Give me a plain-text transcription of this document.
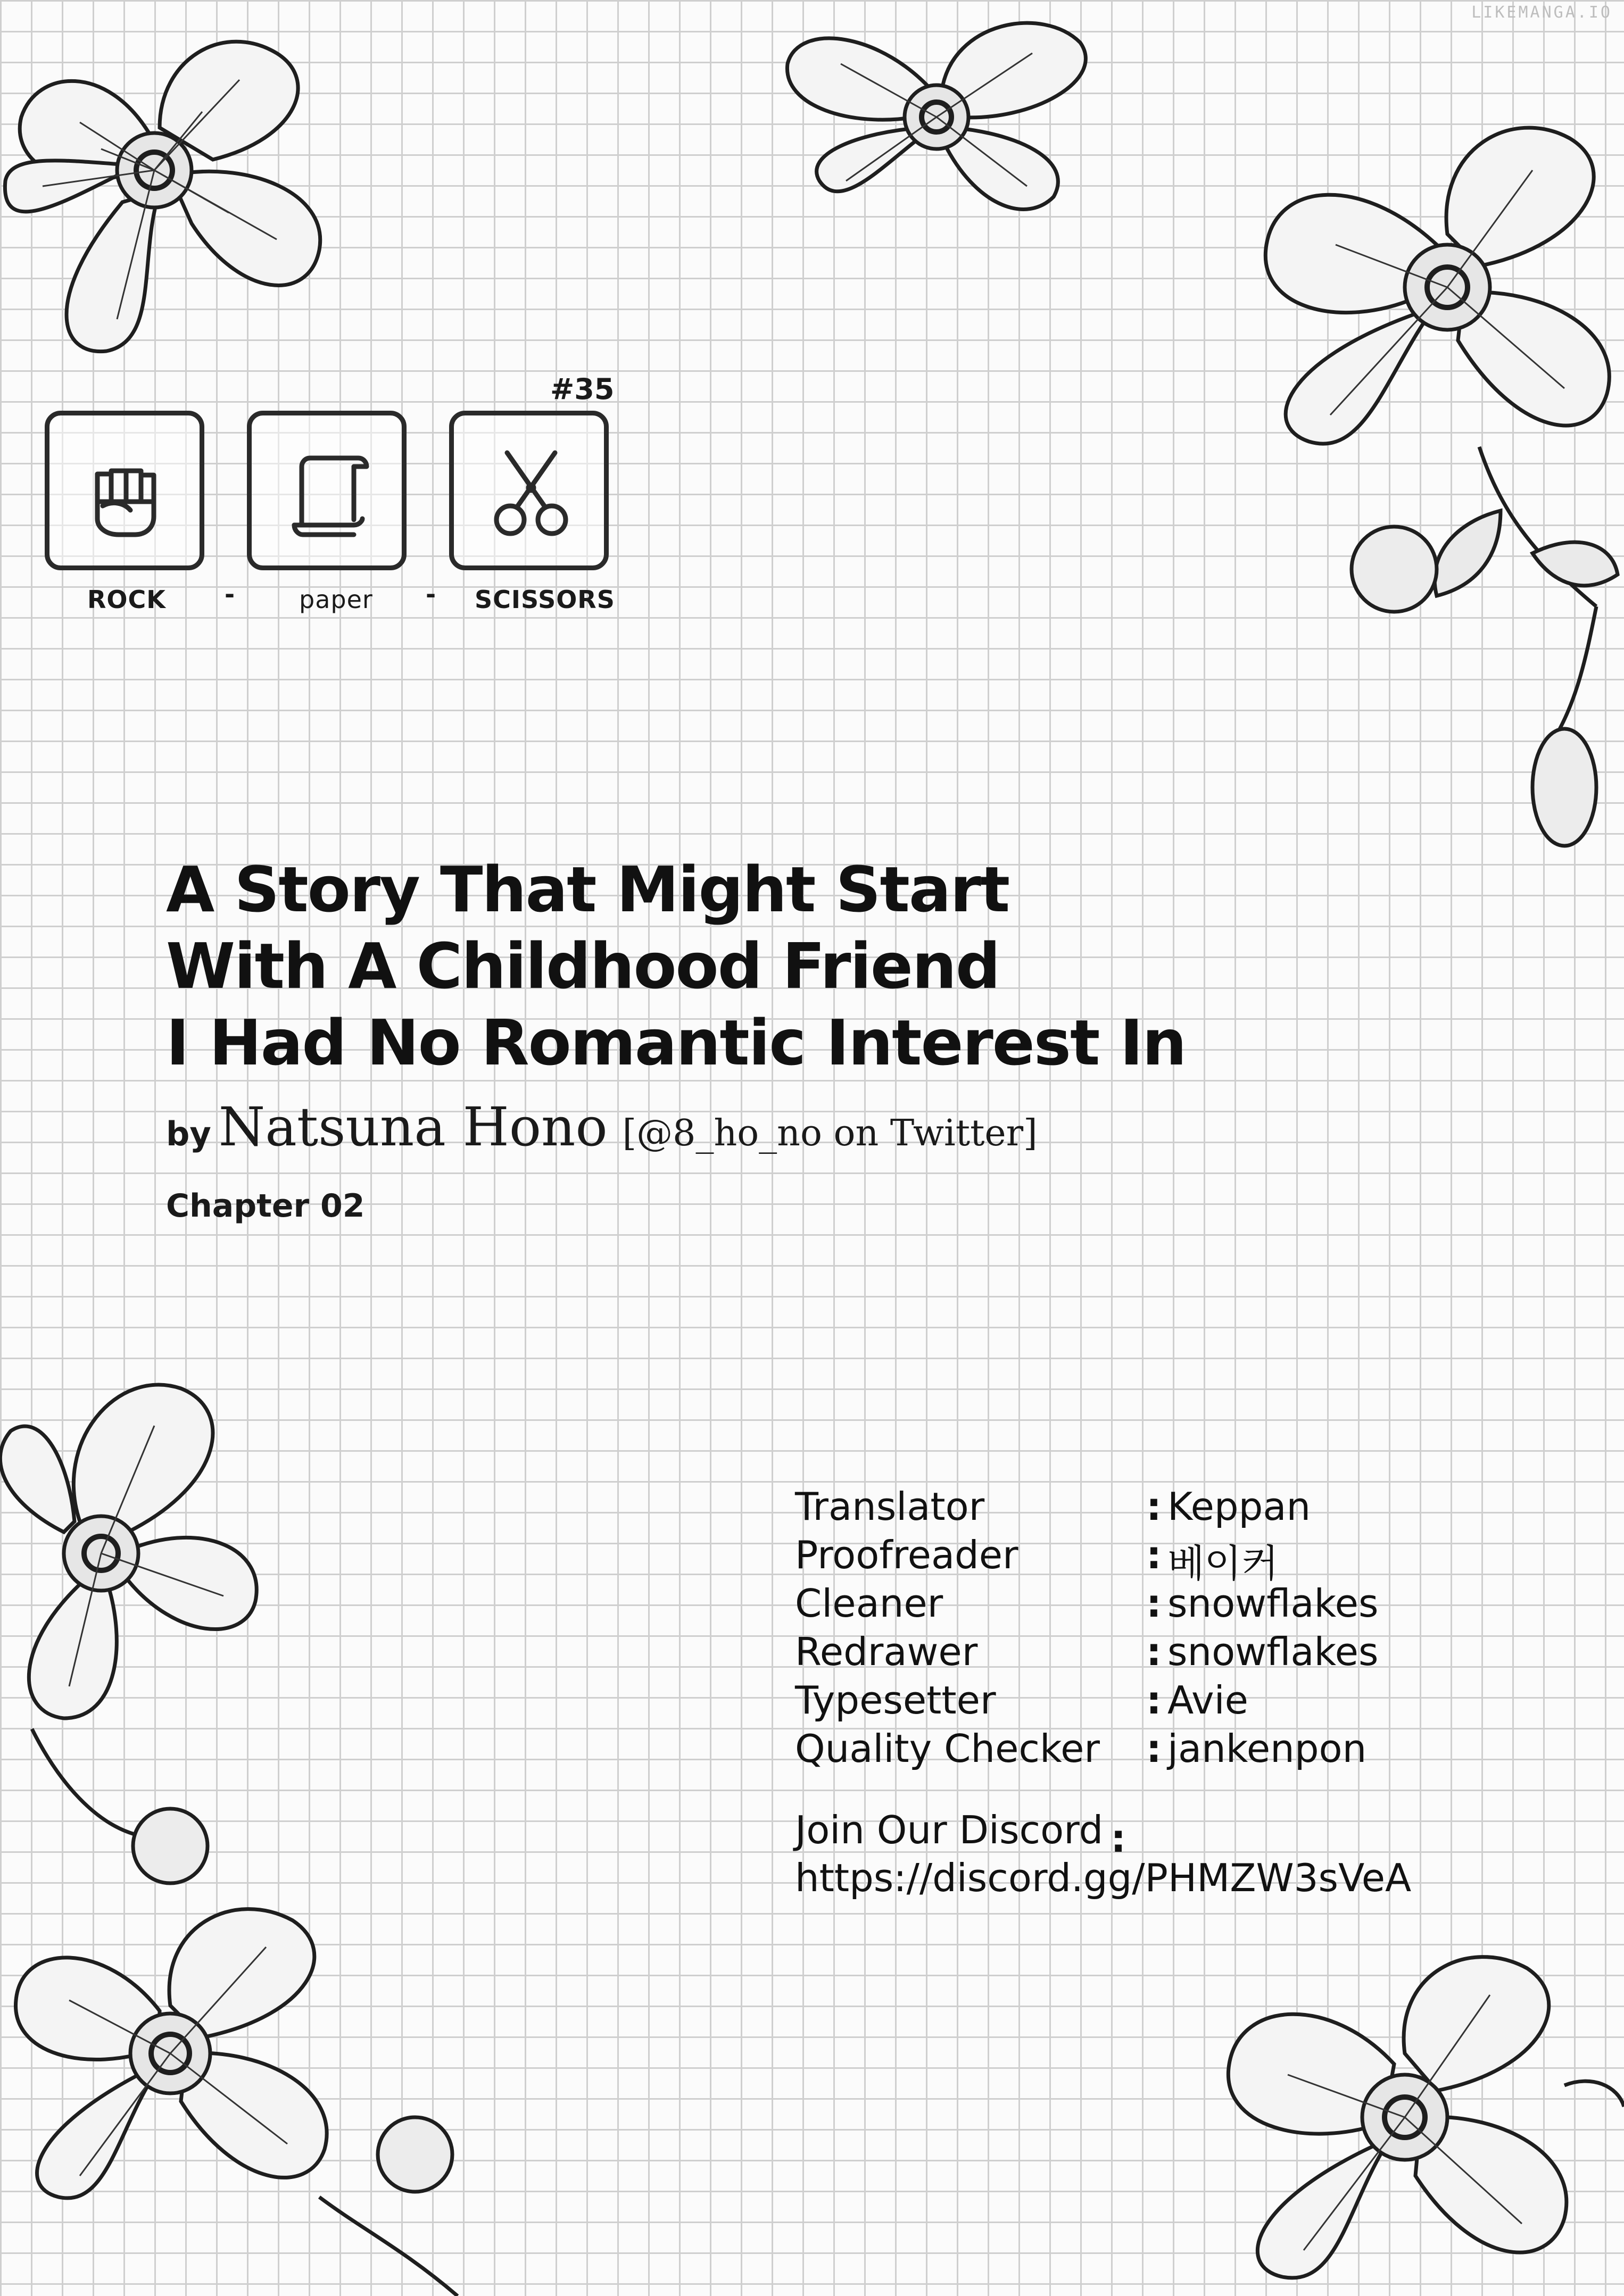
LIKEMANGA.IO
#35
ROCK -	paper - SCISSORS
A Story That Might Start
With A Childhood Friend
I Had No Romantic Interest In
by Natsuna Hono [@8_ho_no on Twitter]
Chapter 02
Translator	: Keppan
Proofreader	: 베이커
Cleaner	: snowflakes
Redrawer	: snowflakes
Typesetter	: Avie
Quality Checker : jankenpon
Join Our Discord :
https://discord.gg/PHMZW3sVeA
